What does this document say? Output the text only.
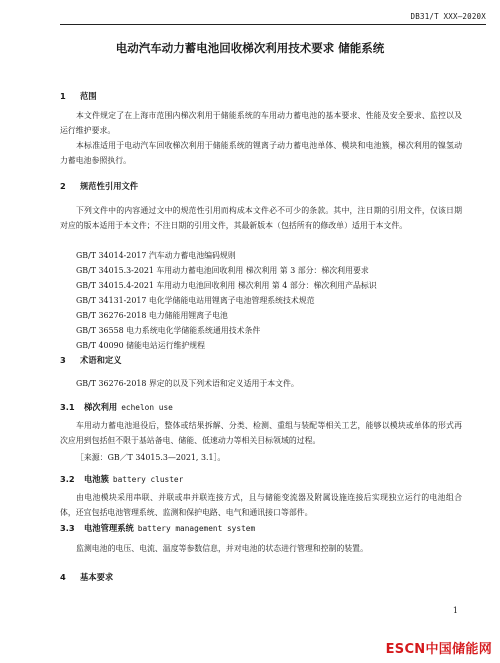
DB31/T XXX—2020X
电动汽车动力蓄电池回收梯次利用技术要求 储能系统
1 范围
本文件规定了在上海市范围内梯次利用于储能系统的车用动力蓄电池的基本要求、性能及安全要求、监控以及运行维护要求。
本标准适用于电动汽车回收梯次利用于储能系统的锂离子动力蓄电池单体、模块和电池簇，梯次利用的镍氢动力蓄电池参照执行。
2 规范性引用文件
下列文件中的内容通过文中的规范性引用而构成本文件必不可少的条款。其中，注日期的引用文件，仅该日期对应的版本适用于本文件；不注日期的引用文件，其最新版本（包括所有的修改单）适用于本文件。
GB/T 34014-2017 汽车动力蓄电池编码规则
GB/T 34015.3-2021 车用动力蓄电池回收利用 梯次利用 第 3 部分：梯次利用要求
GB/T 34015.4-2021 车用动力电池回收利用 梯次利用 第 4 部分：梯次利用产品标识
GB/T 34131-2017 电化学储能电站用锂离子电池管理系统技术规范
GB/T 36276-2018 电力储能用锂离子电池
GB/T 36558 电力系统电化学储能系统通用技术条件
GB/T 40090 储能电站运行维护规程
3 术语和定义
GB/T 36276-2018 界定的以及下列术语和定义适用于本文件。
3.1 梯次利用 echelon use
车用动力蓄电池退役后，整体或结果拆解、分类、检测、重组与装配等相关工艺，能够以模块或单体的形式再次应用到包括但不限于基站备电、储能、低速动力等相关目标领域的过程。
［来源：GB／T 34015.3—2021, 3.1］。
3.2 电池簇 battery cluster
由电池模块采用串联、并联或串并联连接方式，且与储能变流器及附属设施连接后实现独立运行的电池组合体，还宜包括电池管理系统、监测和保护电路、电气和通讯接口等部件。
3.3 电池管理系统 battery management system
监测电池的电压、电流、温度等参数信息，并对电池的状态进行管理和控制的装置。
4 基本要求
1
ESCN中国储能网
